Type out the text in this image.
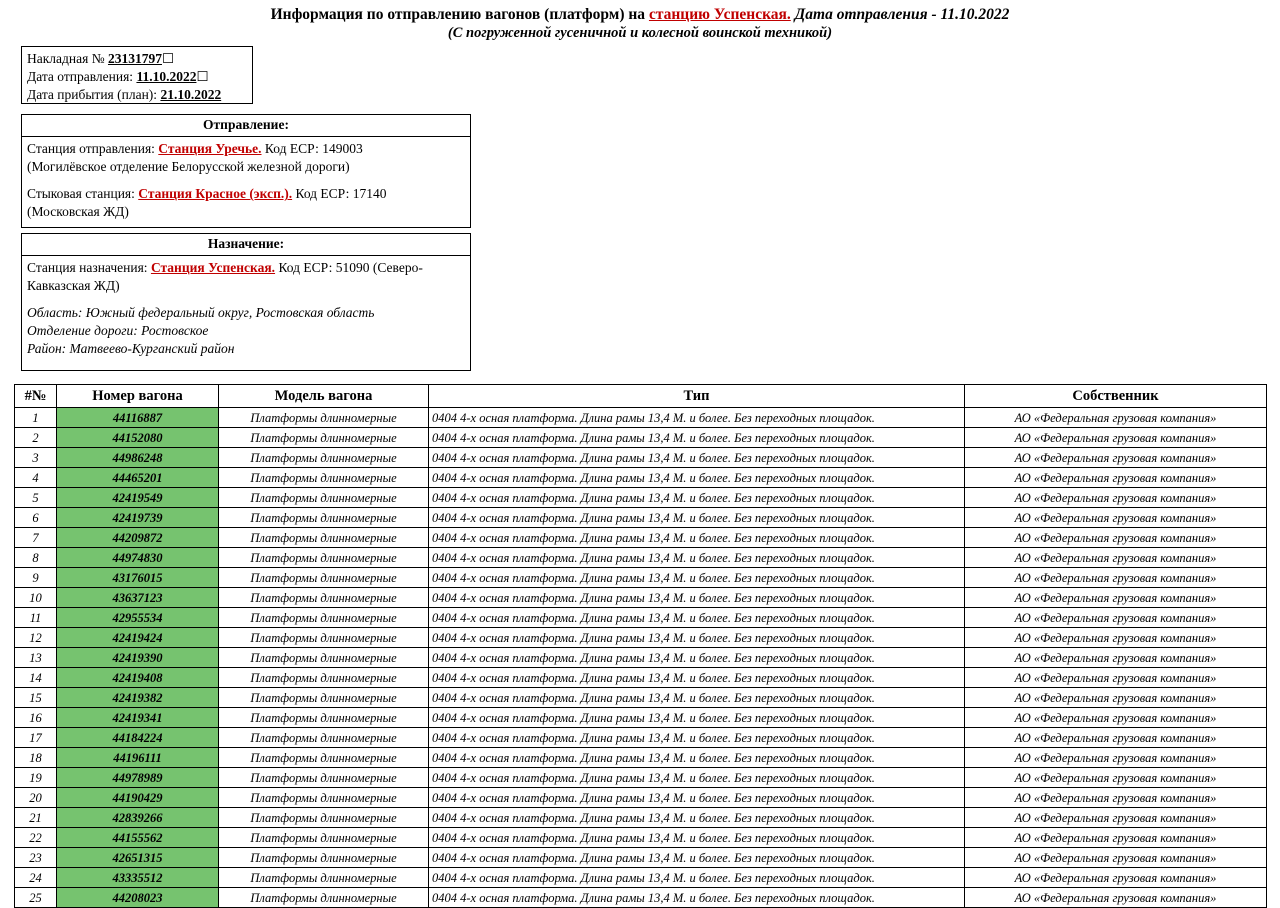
Информация по отправлению вагонов (платформ) на станцию Успенская. Дата отправления - 11.10.2022
(С погруженной гусеничной и колесной воинской техникой)
Накладная № 23131797☐
Дата отправления: 11.10.2022☐
Дата прибытия (план): 21.10.2022
Отправление:
Станция отправления: Станция Уречье. Код ЕСР: 149003
(Могилёвское отделение Белорусской железной дороги)
Стыковая станция: Станция Красное (эксп.). Код ЕСР: 17140
(Московская ЖД)
Назначение:
Станция назначения: Станция Успенская. Код ЕСР: 51090 (Северо-
Кавказская ЖД)
Область: Южный федеральный округ, Ростовская область
Отделение дороги: Ростовское
Район: Матвеево-Курганский район
#№	Номер вагона	Модель вагона	Тип	Собственник
1	44116887	Платформы длинномерные	0404 4-х осная платформа. Длина рамы 13,4 М. и более. Без переходных площадок.	АО «Федеральная грузовая компания»
2	44152080	Платформы длинномерные	0404 4-х осная платформа. Длина рамы 13,4 М. и более. Без переходных площадок.	АО «Федеральная грузовая компания»
3	44986248	Платформы длинномерные	0404 4-х осная платформа. Длина рамы 13,4 М. и более. Без переходных площадок.	АО «Федеральная грузовая компания»
4	44465201	Платформы длинномерные	0404 4-х осная платформа. Длина рамы 13,4 М. и более. Без переходных площадок.	АО «Федеральная грузовая компания»
5	42419549	Платформы длинномерные	0404 4-х осная платформа. Длина рамы 13,4 М. и более. Без переходных площадок.	АО «Федеральная грузовая компания»
6	42419739	Платформы длинномерные	0404 4-х осная платформа. Длина рамы 13,4 М. и более. Без переходных площадок.	АО «Федеральная грузовая компания»
7	44209872	Платформы длинномерные	0404 4-х осная платформа. Длина рамы 13,4 М. и более. Без переходных площадок.	АО «Федеральная грузовая компания»
8	44974830	Платформы длинномерные	0404 4-х осная платформа. Длина рамы 13,4 М. и более. Без переходных площадок.	АО «Федеральная грузовая компания»
9	43176015	Платформы длинномерные	0404 4-х осная платформа. Длина рамы 13,4 М. и более. Без переходных площадок.	АО «Федеральная грузовая компания»
10	43637123	Платформы длинномерные	0404 4-х осная платформа. Длина рамы 13,4 М. и более. Без переходных площадок.	АО «Федеральная грузовая компания»
11	42955534	Платформы длинномерные	0404 4-х осная платформа. Длина рамы 13,4 М. и более. Без переходных площадок.	АО «Федеральная грузовая компания»
12	42419424	Платформы длинномерные	0404 4-х осная платформа. Длина рамы 13,4 М. и более. Без переходных площадок.	АО «Федеральная грузовая компания»
13	42419390	Платформы длинномерные	0404 4-х осная платформа. Длина рамы 13,4 М. и более. Без переходных площадок.	АО «Федеральная грузовая компания»
14	42419408	Платформы длинномерные	0404 4-х осная платформа. Длина рамы 13,4 М. и более. Без переходных площадок.	АО «Федеральная грузовая компания»
15	42419382	Платформы длинномерные	0404 4-х осная платформа. Длина рамы 13,4 М. и более. Без переходных площадок.	АО «Федеральная грузовая компания»
16	42419341	Платформы длинномерные	0404 4-х осная платформа. Длина рамы 13,4 М. и более. Без переходных площадок.	АО «Федеральная грузовая компания»
17	44184224	Платформы длинномерные	0404 4-х осная платформа. Длина рамы 13,4 М. и более. Без переходных площадок.	АО «Федеральная грузовая компания»
18	44196111	Платформы длинномерные	0404 4-х осная платформа. Длина рамы 13,4 М. и более. Без переходных площадок.	АО «Федеральная грузовая компания»
19	44978989	Платформы длинномерные	0404 4-х осная платформа. Длина рамы 13,4 М. и более. Без переходных площадок.	АО «Федеральная грузовая компания»
20	44190429	Платформы длинномерные	0404 4-х осная платформа. Длина рамы 13,4 М. и более. Без переходных площадок.	АО «Федеральная грузовая компания»
21	42839266	Платформы длинномерные	0404 4-х осная платформа. Длина рамы 13,4 М. и более. Без переходных площадок.	АО «Федеральная грузовая компания»
22	44155562	Платформы длинномерные	0404 4-х осная платформа. Длина рамы 13,4 М. и более. Без переходных площадок.	АО «Федеральная грузовая компания»
23	42651315	Платформы длинномерные	0404 4-х осная платформа. Длина рамы 13,4 М. и более. Без переходных площадок.	АО «Федеральная грузовая компания»
24	43335512	Платформы длинномерные	0404 4-х осная платформа. Длина рамы 13,4 М. и более. Без переходных площадок.	АО «Федеральная грузовая компания»
25	44208023	Платформы длинномерные	0404 4-х осная платформа. Длина рамы 13,4 М. и более. Без переходных площадок.	АО «Федеральная грузовая компания»
